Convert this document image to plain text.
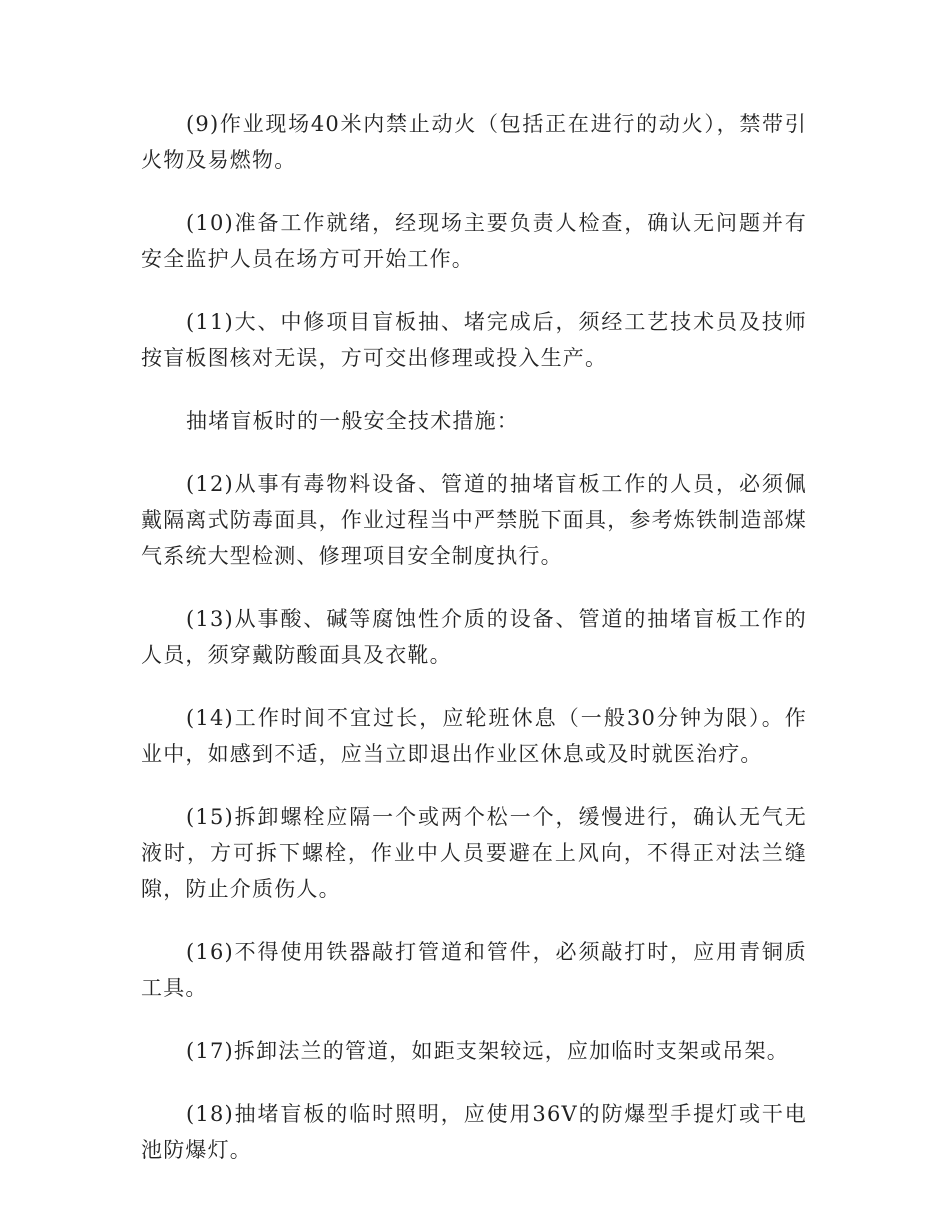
(9)作业现场40米内禁止动火（包括正在进行的动火），禁带引火物及易燃物。

(10)准备工作就绪，经现场主要负责人检查，确认无问题并有安全监护人员在场方可开始工作。

(11)大、中修项目盲板抽、堵完成后，须经工艺技术员及技师按盲板图核对无误，方可交出修理或投入生产。

抽堵盲板时的一般安全技术措施：

(12)从事有毒物料设备、管道的抽堵盲板工作的人员，必须佩戴隔离式防毒面具，作业过程当中严禁脱下面具，参考炼铁制造部煤气系统大型检测、修理项目安全制度执行。

(13)从事酸、碱等腐蚀性介质的设备、管道的抽堵盲板工作的人员，须穿戴防酸面具及衣靴。

(14)工作时间不宜过长，应轮班休息（一般30分钟为限）。作业中，如感到不适，应当立即退出作业区休息或及时就医治疗。

(15)拆卸螺栓应隔一个或两个松一个，缓慢进行，确认无气无液时，方可拆下螺栓，作业中人员要避在上风向，不得正对法兰缝隙，防止介质伤人。

(16)不得使用铁器敲打管道和管件，必须敲打时，应用青铜质工具。

(17)拆卸法兰的管道，如距支架较远，应加临时支架或吊架。

(18)抽堵盲板的临时照明，应使用36V的防爆型手提灯或干电池防爆灯。
